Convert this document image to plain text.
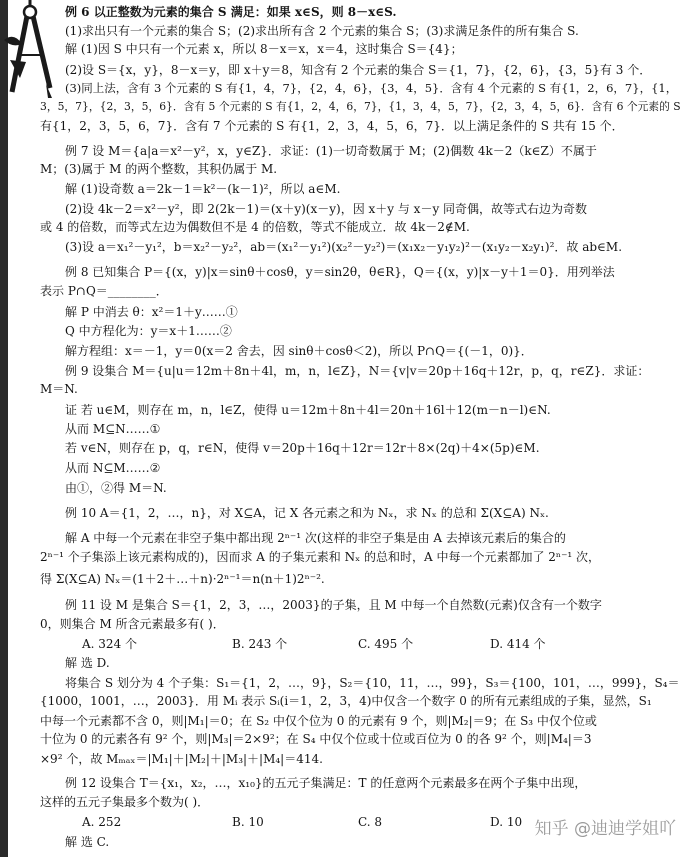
例 6 以正整数为元素的集合 S 满足：如果 x∈S，则 8－x∈S.
(1)求出只有一个元素的集合 S；(2)求出所有含 2 个元素的集合 S；(3)求满足条件的所有集合 S.
解 (1)因 S 中只有一个元素 x，所以 8－x＝x，x＝4，这时集合 S＝{4}；
(2)设 S＝{x，y}，8－x＝y，即 x＋y＝8，知含有 2 个元素的集合 S＝{1，7}，{2，6}，{3，5}有 3 个．
(3)同上法，含有 3 个元素的 S 有{1，4，7}，{2，4，6}，{3，4，5}．含有 4 个元素的 S 有{1，2，6，7}，{1，
3，5，7}，{2，3，5，6}．含有 5 个元素的 S 有{1，2，4，6，7}，{1，3，4，5，7}，{2，3，4，5，6}．含有 6 个元素的 S
有{1，2，3，5，6，7}．含有 7 个元素的 S 有{1，2，3，4，5，6，7}．以上满足条件的 S 共有 15 个．
例 7 设 M＝{a|a＝x²－y²，x，y∈Z}．求证：(1)一切奇数属于 M；(2)偶数 4k－2（k∈Z）不属于
M；(3)属于 M 的两个整数，其积仍属于 M.
解 (1)设奇数 a＝2k－1＝k²－(k－1)²，所以 a∈M.
(2)设 4k－2＝x²－y²，即 2(2k－1)＝(x＋y)(x－y)，因 x＋y 与 x－y 同奇偶，故等式右边为奇数
或 4 的倍数，而等式左边为偶数但不是 4 的倍数，等式不能成立．故 4k－2∉M.
(3)设 a＝x₁²－y₁²，b＝x₂²－y₂²，ab＝(x₁²－y₁²)(x₂²－y₂²)＝(x₁x₂－y₁y₂)²－(x₁y₂－x₂y₁)²．故 ab∈M.
例 8 已知集合 P＝{(x，y)|x＝sinθ＋cosθ，y＝sin2θ，θ∈R}，Q＝{(x，y)|x－y＋1＝0}．用列举法
表示 P∩Q＝________．
解 P 中消去 θ：x²＝1＋y……①
Q 中方程化为：y＝x＋1……②
解方程组：x＝－1，y＝0(x＝2 舍去，因 sinθ＋cosθ＜2)，所以 P∩Q＝{(－1，0)}．
例 9 设集合 M＝{u|u＝12m＋8n＋4l，m，n，l∈Z}，N＝{v|v＝20p＋16q＋12r，p，q，r∈Z}．求证：
M＝N.
证 若 u∈M，则存在 m，n，l∈Z，使得 u＝12m＋8n＋4l＝20n＋16l＋12(m－n－l)∈N.
从而 M⊆N……①
若 v∈N，则存在 p，q，r∈N，使得 v＝20p＋16q＋12r＝12r＋8×(2q)＋4×(5p)∈M.
从而 N⊆M……②
由①，②得 M＝N.
例 10 A＝{1，2，…，n}，对 X⊆A，记 X 各元素之和为 Nₓ，求 Nₓ 的总和 Σ(X⊆A) Nₓ.
解 A 中每一个元素在非空子集中都出现 2ⁿ⁻¹ 次(这样的非空子集是由 A 去掉该元素后的集合的
2ⁿ⁻¹ 个子集添上该元素构成的)，因而求 A 的子集元素和 Nₓ 的总和时，A 中每一个元素都加了 2ⁿ⁻¹ 次，
得 Σ(X⊆A) Nₓ＝(1＋2＋…＋n)·2ⁿ⁻¹＝n(n＋1)2ⁿ⁻².
例 11 设 M 是集合 S＝{1，2，3，…，2003}的子集，且 M 中每一个自然数(元素)仅含有一个数字
0，则集合 M 所含元素最多有( )．
解 选 D.
将集合 S 划分为 4 个子集：S₁＝{1，2，…，9}，S₂＝{10，11，…，99}，S₃＝{100，101，…，999}，S₄＝
{1000，1001，…，2003}．用 Mᵢ 表示 Sᵢ(i＝1，2，3，4)中仅含一个数字 0 的所有元素组成的子集，显然，S₁
中每一个元素都不含 0，则|M₁|＝0；在 S₂ 中仅个位为 0 的元素有 9 个，则|M₂|＝9；在 S₃ 中仅个位或
十位为 0 的元素各有 9² 个，则|M₃|＝2×9²；在 S₄ 中仅个位或十位或百位为 0 的各 9² 个，则|M₄|＝3
×9² 个，故 Mₘₐₓ＝|M₁|＋|M₂|＋|M₃|＋|M₄|＝414.
例 12 设集合 T＝{x₁，x₂，…，x₁₀}的五元子集满足：T 的任意两个元素最多在两个子集中出现，
这样的五元子集最多个数为( )．
解 选 C.
A. 324 个	B. 243 个	C. 495 个	D. 414 个
A. 252	B. 10	C. 8	D. 10 知乎 @迪迪学姐吖
